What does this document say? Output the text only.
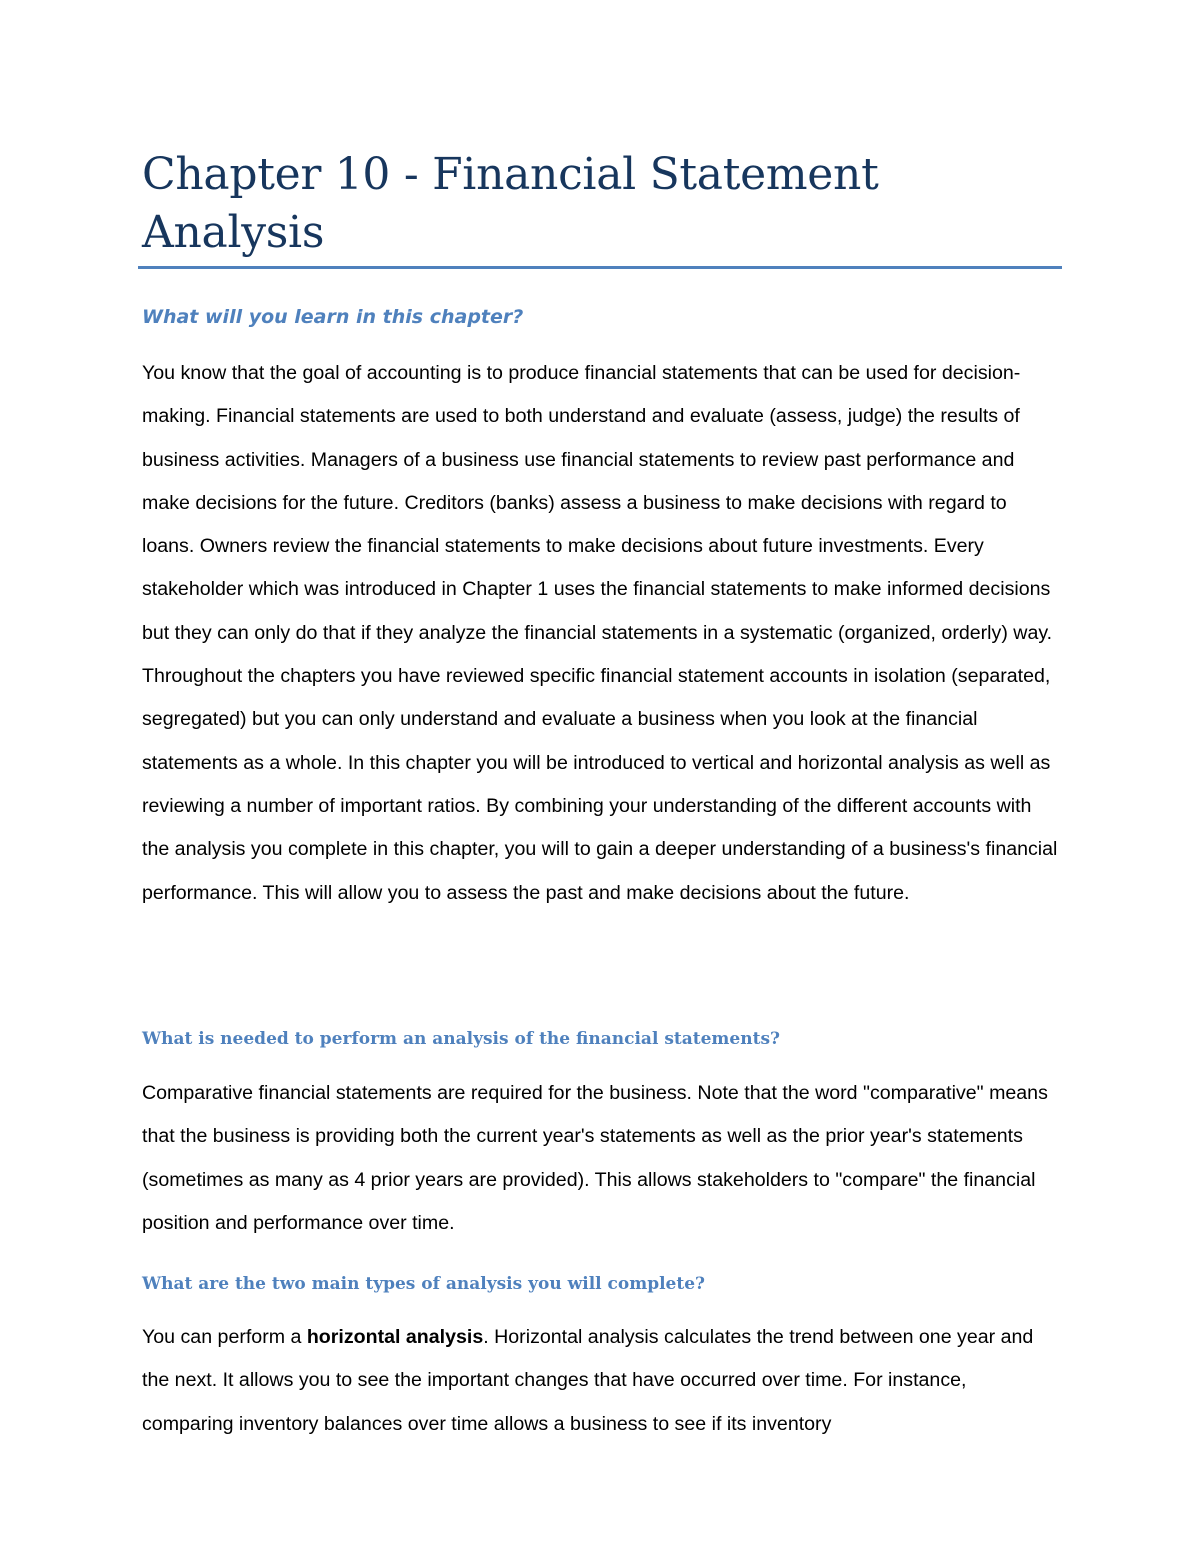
Chapter 10 - Financial Statement Analysis
What will you learn in this chapter?

You know that the goal of accounting is to produce financial statements that can be used for decision-making. Financial statements are used to both understand and evaluate (assess, judge) the results of business activities. Managers of a business use financial statements to review past performance and make decisions for the future. Creditors (banks) assess a business to make decisions with regard to loans. Owners review the financial statements to make decisions about future investments. Every stakeholder which was introduced in Chapter 1 uses the financial statements to make informed decisions but they can only do that if they analyze the financial statements in a systematic (organized, orderly) way.

Throughout the chapters you have reviewed specific financial statement accounts in isolation (separated, segregated) but you can only understand and evaluate a business when you look at the financial statements as a whole. In this chapter you will be introduced to vertical and horizontal analysis as well as reviewing a number of important ratios. By combining your understanding of the different accounts with the analysis you complete in this chapter, you will to gain a deeper understanding of a business's financial performance. This will allow you to assess the past and make decisions about the future.

What is needed to perform an analysis of the financial statements?

Comparative financial statements are required for the business. Note that the word "comparative" means that the business is providing both the current year's statements as well as the prior year's statements (sometimes as many as 4 prior years are provided). This allows stakeholders to "compare" the financial position and performance over time.

What are the two main types of analysis you will complete?

You can perform a horizontal analysis. Horizontal analysis calculates the trend between one year and the next. It allows you to see the important changes that have occurred over time. For instance, comparing inventory balances over time allows a business to see if its inventory
